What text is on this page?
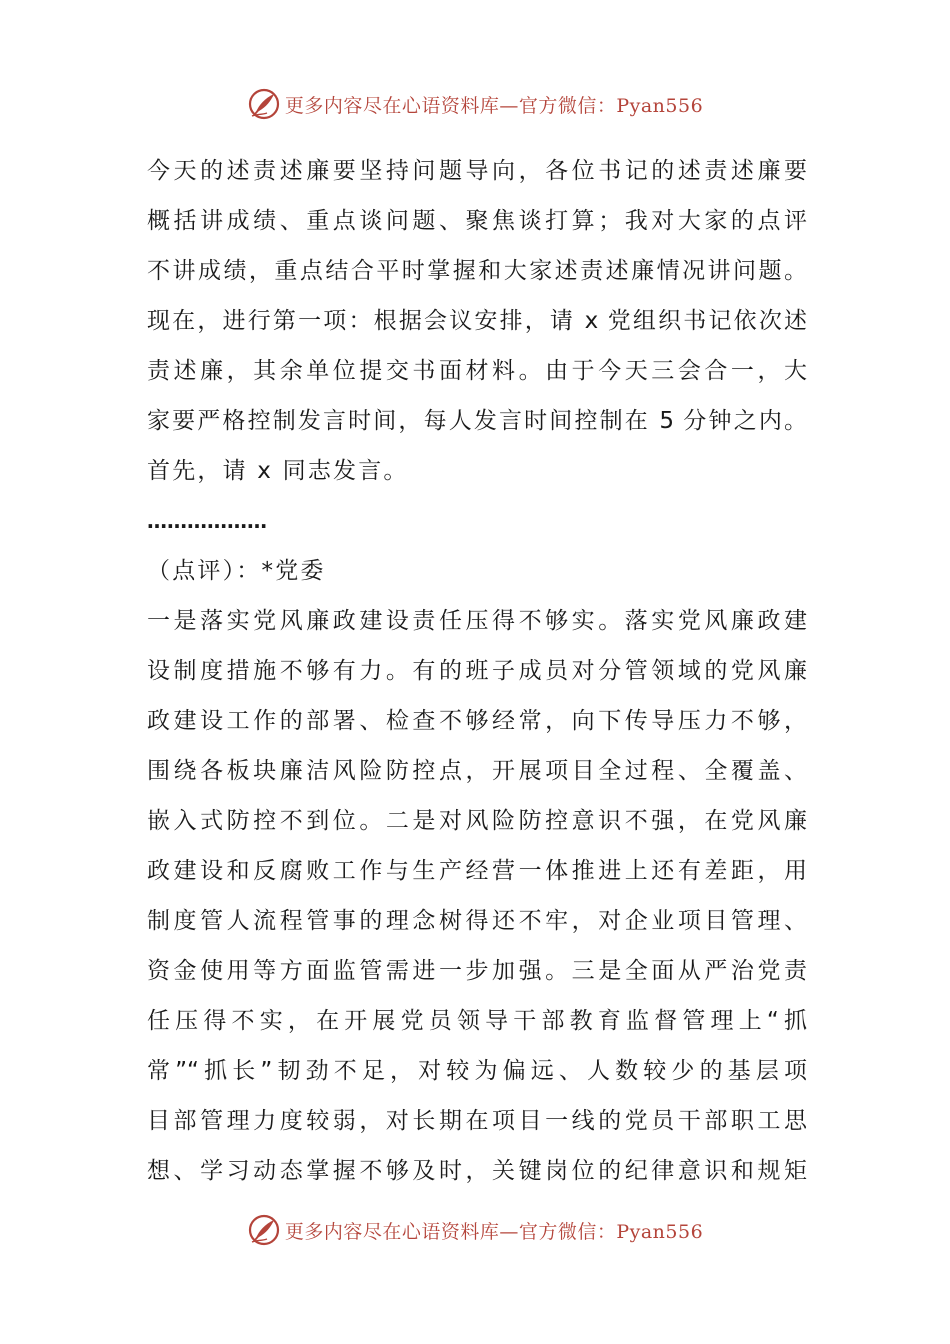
更多内容尽在心语资料库—官方微信：Pyan556
今天的述责述廉要坚持问题导向，各位书记的述责述廉要
概括讲成绩、重点谈问题、聚焦谈打算；我对大家的点评
不讲成绩，重点结合平时掌握和大家述责述廉情况讲问题。
现在，进行第一项：根据会议安排，请 x 党组织书记依次述
责述廉，其余单位提交书面材料。由于今天三会合一，大
家要严格控制发言时间，每人发言时间控制在 5 分钟之内。
首先，请 x 同志发言。
………………
（点评）：*党委
一是落实党风廉政建设责任压得不够实。落实党风廉政建
设制度措施不够有力。有的班子成员对分管领域的党风廉
政建设工作的部署、检查不够经常，向下传导压力不够，
围绕各板块廉洁风险防控点，开展项目全过程、全覆盖、
嵌入式防控不到位。二是对风险防控意识不强，在党风廉
政建设和反腐败工作与生产经营一体推进上还有差距，用
制度管人流程管事的理念树得还不牢，对企业项目管理、
资金使用等方面监管需进一步加强。三是全面从严治党责
任压得不实，在开展党员领导干部教育监督管理上“抓
常”“抓长”韧劲不足，对较为偏远、人数较少的基层项
目部管理力度较弱，对长期在项目一线的党员干部职工思
想、学习动态掌握不够及时，关键岗位的纪律意识和规矩
更多内容尽在心语资料库—官方微信：Pyan556
